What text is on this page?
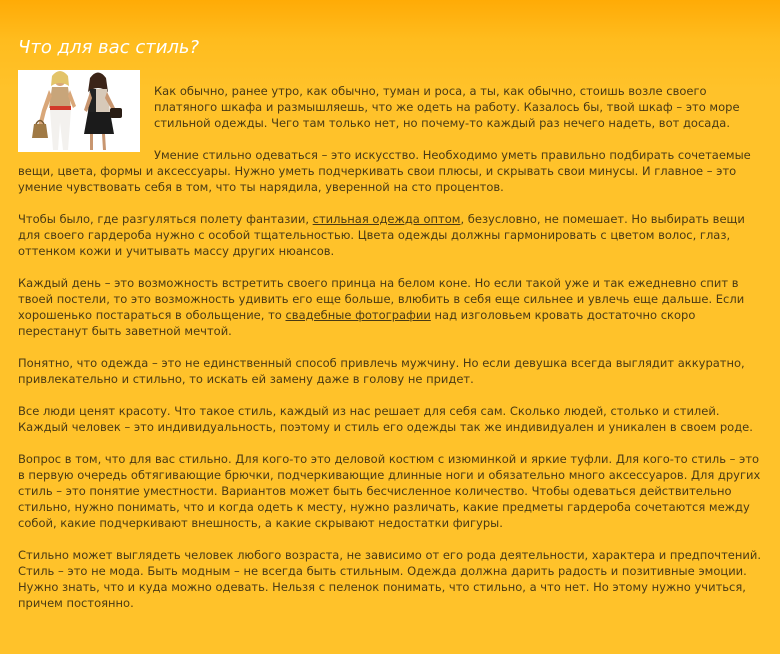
Что для вас стиль?

Как обычно, ранее утро, как обычно, туман и роса, а ты, как обычно, стоишь возле своего платяного шкафа и размышляешь, что же одеть на работу. Казалось бы, твой шкаф – это море стильной одежды. Чего там только нет, но почему-то каждый раз нечего надеть, вот досада.

Умение стильно одеваться – это искусство. Необходимо уметь правильно подбирать сочетаемые вещи, цвета, формы и аксессуары. Нужно уметь подчеркивать свои плюсы, и скрывать свои минусы. И главное – это умение чувствовать себя в том, что ты нарядила, уверенной на сто процентов.

Чтобы было, где разгуляться полету фантазии, стильная одежда оптом, безусловно, не помешает. Но выбирать вещи для своего гардероба нужно с особой тщательностью. Цвета одежды должны гармонировать с цветом волос, глаз, оттенком кожи и учитывать массу других нюансов.

Каждый день – это возможность встретить своего принца на белом коне. Но если такой уже и так ежедневно спит в твоей постели, то это возможность удивить его еще больше, влюбить в себя еще сильнее и увлечь еще дальше. Если хорошенько постараться в обольщение, то свадебные фотографии над изголовьем кровать достаточно скоро перестанут быть заветной мечтой.

Понятно, что одежда – это не единственный способ привлечь мужчину. Но если девушка всегда выглядит аккуратно, привлекательно и стильно, то искать ей замену даже в голову не придет.

Все люди ценят красоту. Что такое стиль, каждый из нас решает для себя сам. Сколько людей, столько и стилей. Каждый человек – это индивидуальность, поэтому и стиль его одежды так же индивидуален и уникален в своем роде.

Вопрос в том, что для вас стильно. Для кого-то это деловой костюм с изюминкой и яркие туфли. Для кого-то стиль – это в первую очередь обтягивающие брючки, подчеркивающие длинные ноги и обязательно много аксессуаров. Для других стиль – это понятие уместности. Вариантов может быть бесчисленное количество. Чтобы одеваться действительно стильно, нужно понимать, что и когда одеть к месту, нужно различать, какие предметы гардероба сочетаются между собой, какие подчеркивают внешность, а какие скрывают недостатки фигуры.

Стильно может выглядеть человек любого возраста, не зависимо от его рода деятельности, характера и предпочтений. Стиль – это не мода. Быть модным – не всегда быть стильным. Одежда должна дарить радость и позитивные эмоции. Нужно знать, что и куда можно одевать. Нельзя с пеленок понимать, что стильно, а что нет. Но этому нужно учиться, причем постоянно.
